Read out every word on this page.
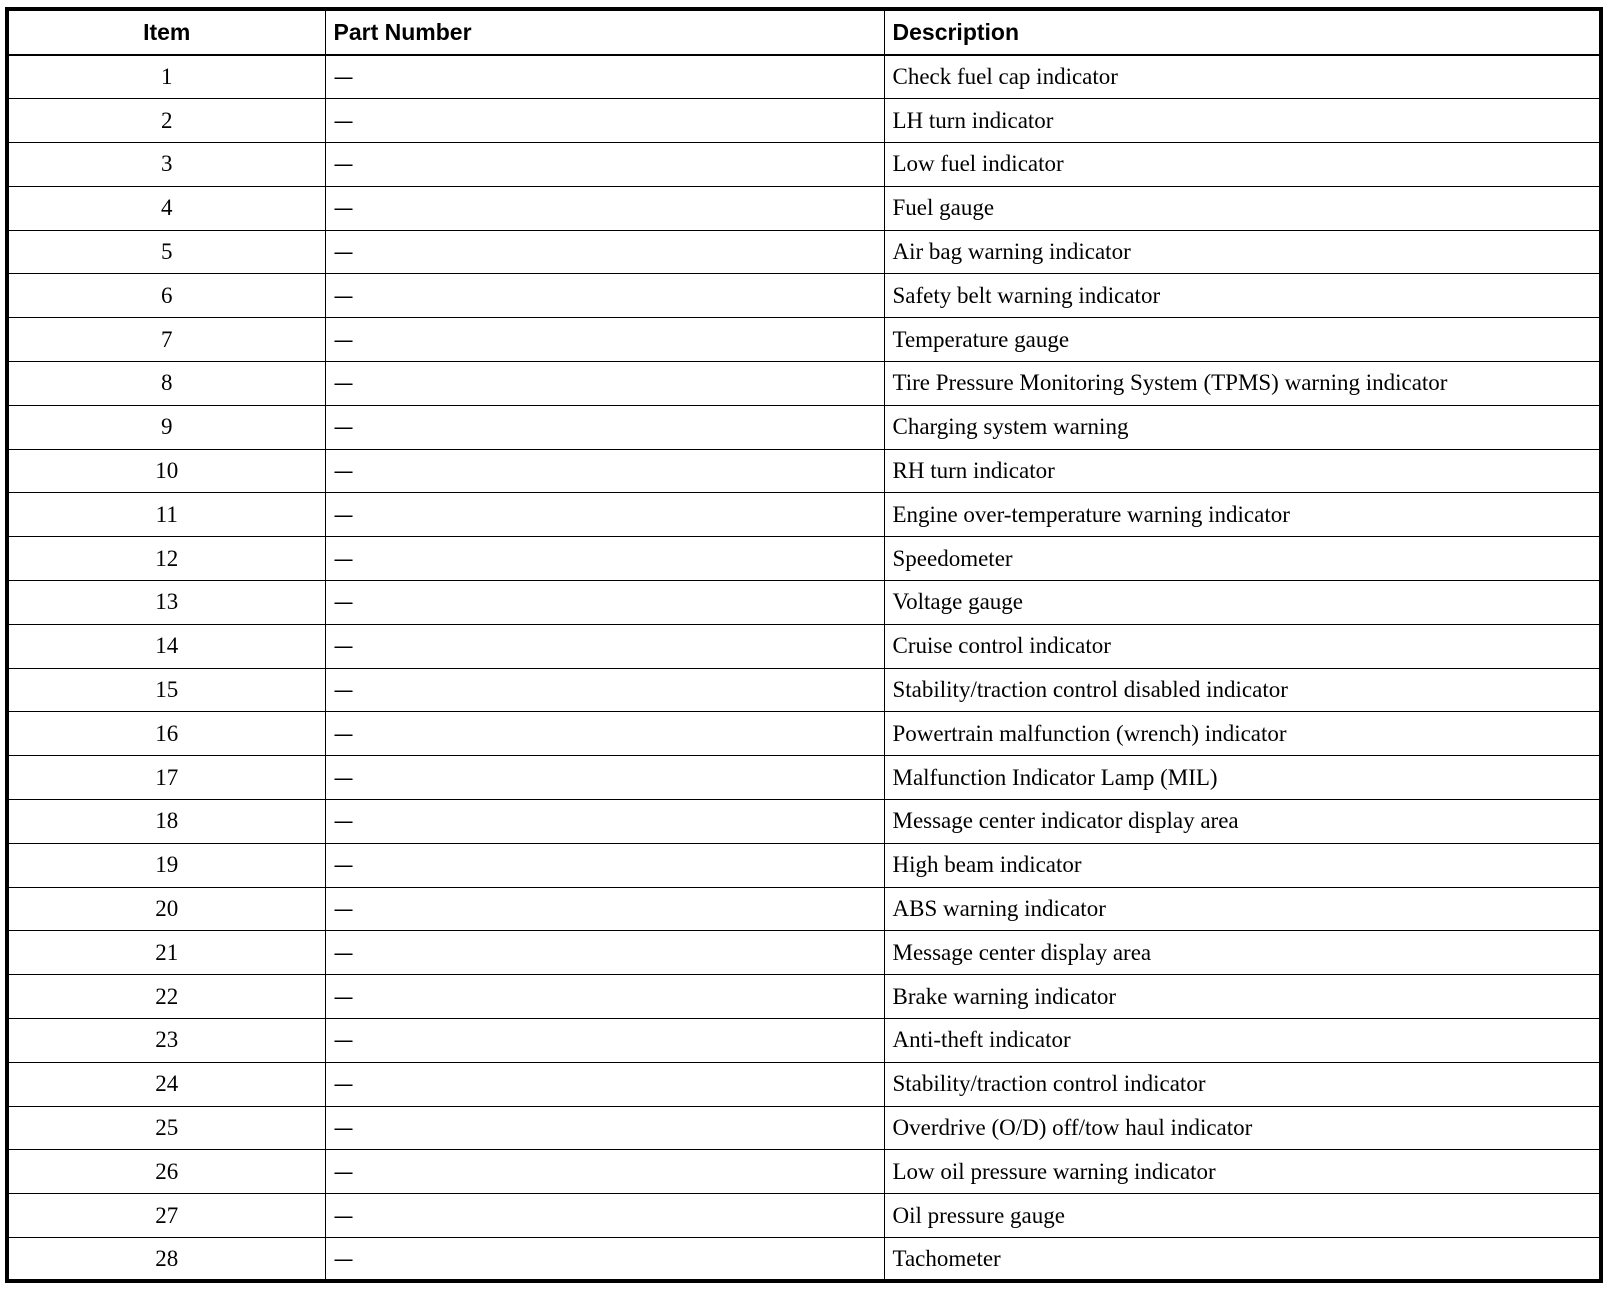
Item	Part Number	Description
1	—	Check fuel cap indicator
2	—	LH turn indicator
3	—	Low fuel indicator
4	—	Fuel gauge
5	—	Air bag warning indicator
6	—	Safety belt warning indicator
7	—	Temperature gauge
8	—	Tire Pressure Monitoring System (TPMS) warning indicator
9	—	Charging system warning
10	—	RH turn indicator
11	—	Engine over-temperature warning indicator
12	—	Speedometer
13	—	Voltage gauge
14	—	Cruise control indicator
15	—	Stability/traction control disabled indicator
16	—	Powertrain malfunction (wrench) indicator
17	—	Malfunction Indicator Lamp (MIL)
18	—	Message center indicator display area
19	—	High beam indicator
20	—	ABS warning indicator
21	—	Message center display area
22	—	Brake warning indicator
23	—	Anti-theft indicator
24	—	Stability/traction control indicator
25	—	Overdrive (O/D) off/tow haul indicator
26	—	Low oil pressure warning indicator
27	—	Oil pressure gauge
28	—	Tachometer
